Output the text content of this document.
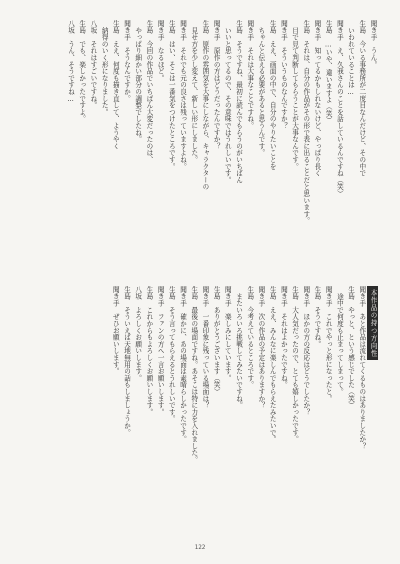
聞き手うん。
生島今いる事務所が二度目なんだけど、その中で
いわれていることは…
聞き手え、久我さんのことを話しているんですね（笑）
生島…いや、違いますよ（笑）
聞き手知ってるかもしれないけど、やっぱり長く
生島それは、自分の作品がその形で表に出ることだと思います。
目で見て判断してもらうことが大事なんです。
聞き手そういうものなんですか？
生島ええ、画面の中で、自分のやりたいことを
ちゃんと伝える必要があると思うんです。
聞き手それは大事なことですね。
生島そうですね、最初に読んでもらうのがいちばん
いいと思ってるので、その意味ではうれしいです。
聞き手原作の方はどうだったんですか？
生島原作の雰囲気を大事にしながら、キャラクターの
見せ方を少し変えて、新しい形にしました。
聞き手それでも元の良さは残っていますよね。
生島はい、そこは一番気をつけたところです。
聞き手なるほど。
生島今回の作品でいちばん大変だったのは、
やっぱり細かい部分の調整でしたね。
聞き手そうなんですか。
生島ええ、何度も描き直して、ようやく
納得のいく形になりました。
八坂それはすごいですね。
生島でも、楽しかったですよ。
八坂うん、そうですね…
本作品の持つ方向性
聞き手あと作品は流れてくるものはありましたか？
生島やっと、という感じでした（笑）
途中で何度も止まってしまって。
聞き手これでやっと形になったと。
生島そうですね。
聞き手ほかの方の反応はどうでしたか？
生島大人気だったので、とても嬉しかったです。
聞き手それはよかったですね。
生島ええ、みんなに楽しんでもらえたみたいで。
聞き手次の作品の予定はありますか？
生島今考えているところです。
またいろいろ挑戦してみたいですね。
聞き手楽しみにしています。
生島ありがとうございます（笑）
聞き手一番印象に残っている場面は？
生島最後の場面ですね。あそこは特に力を入れました。
聞き手確かに、あの場面は素晴らしかったです。
生島そう言ってもらえるとうれしいです。
聞き手ファンの方へ一言お願いします。
生島これからもよろしくお願いします。
八坂よろしくお願いします。
生島そういえば天地無用の話もしましょうか。
聞き手ぜひお願いします。
122
